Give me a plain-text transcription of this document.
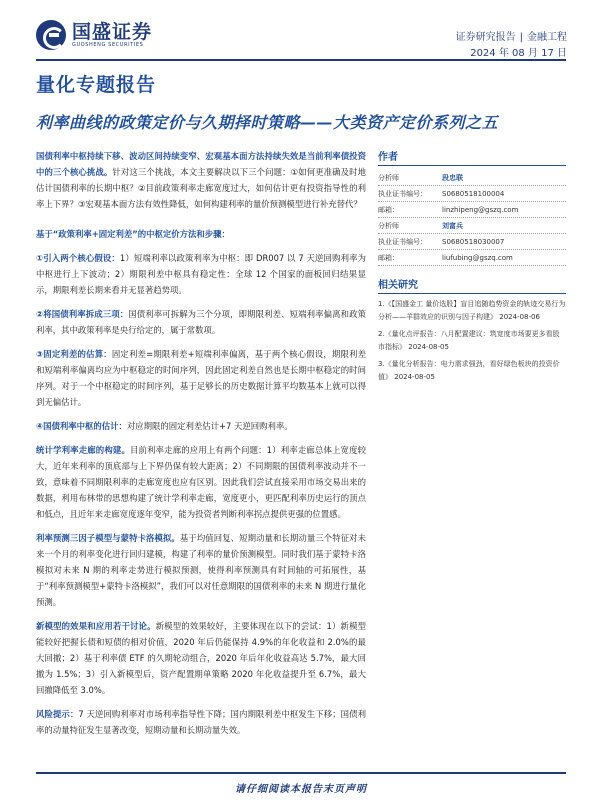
国盛证券
GUOSHENG SECURITIES
证券研究报告 | 金融工程
2024 年 08 月 17 日
量化专题报告
利率曲线的政策定价与久期择时策略——大类资产定价系列之五

国债利率中枢持续下移、波动区间持续变窄、宏观基本面方法持续失效是当前利率债投资中的三个核心挑战。针对这三个挑战，本文主要解决以下三个问题：①如何更准确及时地估计国债利率的长期中枢？②目前政策利率走廊宽度过大，如何估计更有投资指导性的利率上下界？③宏观基本面方法有效性降低，如何构建利率的量价预测模型进行补充替代？

基于“政策利率+固定利差”的中枢定价方法和步骤：

①引入两个核心假设：1）短端利率以政策利率为中枢：即 DR007 以 7 天逆回购利率为中枢进行上下波动；2）期限利差中枢具有稳定性：全球 12 个国家的面板回归结果显示，期限利差长期来看并无显著趋势项。

②将国债利率拆成三项：国债利率可拆解为三个分项，即期限利差、短端利率偏离和政策利率，其中政策利率是央行给定的，属于常数项。

③固定利差的估算：固定利差=期限利差+短端利率偏离，基于两个核心假设，期限利差和短端利率偏离均应为中枢稳定的时间序列，因此固定利差自然也是长期中枢稳定的时间序列。对于一个中枢稳定的时间序列，基于足够长的历史数据计算平均数基本上就可以得到无偏估计。

④国债利率中枢的估计：对应期限的固定利差估计+7 天逆回购利率。

统计学利率走廊的构建。目前利率走廊的应用上有两个问题：1）利率走廊总体上宽度较大，近年来利率的顶底部与上下界仍保有较大距离；2）不同期限的国债利率波动并不一致，意味着不同期限利率的走廊宽度也应有区别。因此我们尝试直接采用市场交易出来的数据，利用布林带的思想构建了统计学利率走廊，宽度更小，更匹配利率历史运行的顶点和低点，且近年来走廊宽度逐年变窄，能为投资者判断利率拐点提供更强的位置感。

利率预测三因子模型与蒙特卡洛模拟。基于均值回复、短期动量和长期动量三个特征对未来一个月的利率变化进行回归建模，构建了利率的量价预测模型。同时我们基于蒙特卡洛模拟对未来 N 期的利率走势进行模拟预测，使得利率预测具有时间轴的可拓展性，基于“利率预测模型+蒙特卡洛模拟”，我们可以对任意期限的国债利率的未来 N 期进行量化预测。

新模型的效果和应用若干讨论。新模型的效果较好，主要体现在以下的尝试：1）新模型能较好把握长债和短债的相对价值，2020 年后仍能保持 4.9%的年化收益和 2.0%的最大回撤；2）基于利率债 ETF 的久期轮动组合，2020 年后年化收益高达 5.7%，最大回撤为 1.5%；3）引入新模型后，资产配置期单策略 2020 年化收益提升至 6.7%，最大回撤降低至 3.0%。

风险提示：7 天逆回购利率对市场利率指导性下降；国内期限利差中枢发生下移；国债利率的动量特征发生显著改变，短期动量和长期动量失效。

作者
分析师	段忠联
执业证书编号：	S0680518100004
邮箱：	linzhipeng@gszq.com
分析师	刘富兵
执业证书编号：	S0680518030007
邮箱：	liufubing@gszq.com
相关研究
1.《【国盛金工 量价选股】盲目追随趋势资金的轨迹交易行为分析——羊群效应的识别与因子构建》 2024-08-06
2.《量化点评报告：八月配置建议：筑宽度市场要更多看股市指标》 2024-08-05
3.《量化分析报告：电力需求强劲，看好绿色板块的投资价值》 2024-08-05
请仔细阅读本报告末页声明
